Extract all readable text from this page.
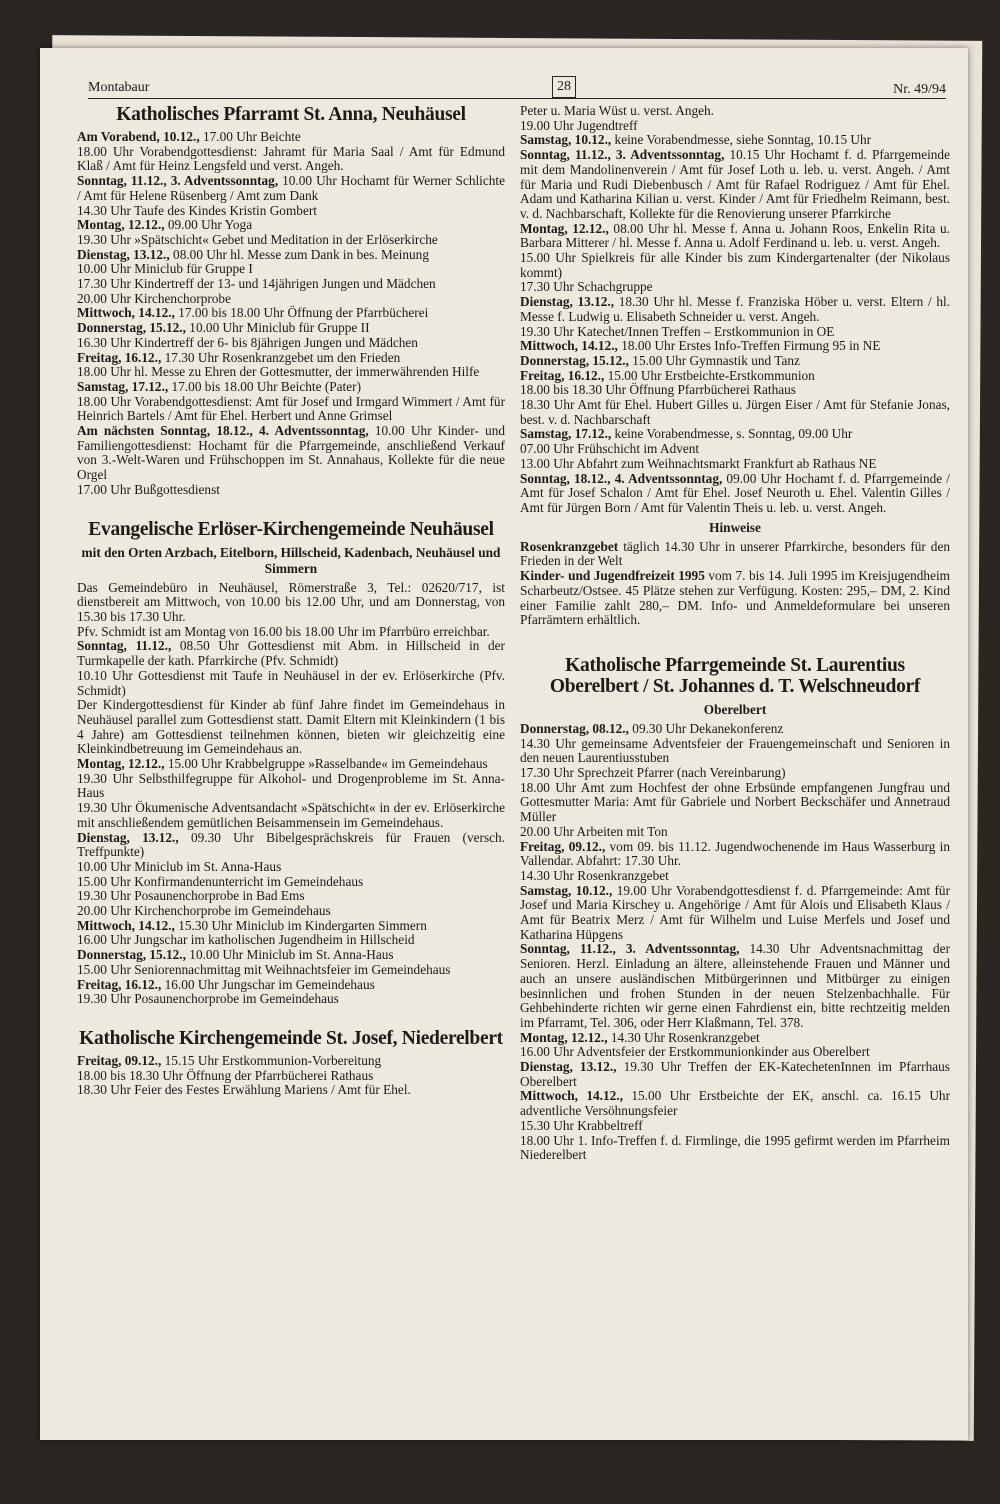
Montabaur	28	Nr. 49/94
Katholisches Pfarramt St. Anna, Neuhäusel

Am Vorabend, 10.12., 17.00 Uhr Beichte

18.00 Uhr Vorabendgottesdienst: Jahramt für Maria Saal / Amt für Edmund Klaß / Amt für Heinz Lengsfeld und verst. Angeh.

Sonntag, 11.12., 3. Adventssonntag, 10.00 Uhr Hochamt für Werner Schlichte / Amt für Helene Rüsenberg / Amt zum Dank

14.30 Uhr Taufe des Kindes Kristin Gombert

Montag, 12.12., 09.00 Uhr Yoga

19.30 Uhr »Spätschicht« Gebet und Meditation in der Erlöserkirche

Dienstag, 13.12., 08.00 Uhr hl. Messe zum Dank in bes. Meinung

10.00 Uhr Miniclub für Gruppe I

17.30 Uhr Kindertreff der 13- und 14jährigen Jungen und Mädchen

20.00 Uhr Kirchenchorprobe

Mittwoch, 14.12., 17.00 bis 18.00 Uhr Öffnung der Pfarrbücherei

Donnerstag, 15.12., 10.00 Uhr Miniclub für Gruppe II

16.30 Uhr Kindertreff der 6- bis 8jährigen Jungen und Mädchen

Freitag, 16.12., 17.30 Uhr Rosenkranzgebet um den Frieden

18.00 Uhr hl. Messe zu Ehren der Gottesmutter, der immerwährenden Hilfe

Samstag, 17.12., 17.00 bis 18.00 Uhr Beichte (Pater)

18.00 Uhr Vorabendgottesdienst: Amt für Josef und Irmgard Wimmert / Amt für Heinrich Bartels / Amt für Ehel. Herbert und Anne Grimsel

Am nächsten Sonntag, 18.12., 4. Adventssonntag, 10.00 Uhr Kinder- und Familiengottesdienst: Hochamt für die Pfarrgemeinde, anschließend Verkauf von 3.-Welt-Waren und Frühschoppen im St. Annahaus, Kollekte für die neue Orgel

17.00 Uhr Bußgottesdienst

Evangelische Erlöser-Kirchengemeinde Neuhäusel
mit den Orten Arzbach, Eitelborn, Hillscheid, Kadenbach, Neuhäusel und Simmern

Das Gemeindebüro in Neuhäusel, Römerstraße 3, Tel.: 02620/717, ist dienstbereit am Mittwoch, von 10.00 bis 12.00 Uhr, und am Donnerstag, von 15.30 bis 17.30 Uhr.

Pfv. Schmidt ist am Montag von 16.00 bis 18.00 Uhr im Pfarrbüro erreichbar.

Sonntag, 11.12., 08.50 Uhr Gottesdienst mit Abm. in Hillscheid in der Turmkapelle der kath. Pfarrkirche (Pfv. Schmidt)

10.10 Uhr Gottesdienst mit Taufe in Neuhäusel in der ev. Erlöserkirche (Pfv. Schmidt)

Der Kindergottesdienst für Kinder ab fünf Jahre findet im Gemeindehaus in Neuhäusel parallel zum Gottesdienst statt. Damit Eltern mit Kleinkindern (1 bis 4 Jahre) am Gottesdienst teilnehmen können, bieten wir gleichzeitig eine Kleinkindbetreuung im Gemeindehaus an.

Montag, 12.12., 15.00 Uhr Krabbelgruppe »Rasselbande« im Gemeindehaus

19.30 Uhr Selbsthilfegruppe für Alkohol- und Drogenprobleme im St. Anna-Haus

19.30 Uhr Ökumenische Adventsandacht »Spätschicht« in der ev. Erlöserkirche mit anschließendem gemütlichen Beisammensein im Gemeindehaus.

Dienstag, 13.12., 09.30 Uhr Bibelgesprächskreis für Frauen (versch. Treffpunkte)

10.00 Uhr Miniclub im St. Anna-Haus

15.00 Uhr Konfirmandenunterricht im Gemeindehaus

19.30 Uhr Posaunenchorprobe in Bad Ems

20.00 Uhr Kirchenchorprobe im Gemeindehaus

Mittwoch, 14.12., 15.30 Uhr Miniclub im Kindergarten Simmern

16.00 Uhr Jungschar im katholischen Jugendheim in Hillscheid

Donnerstag, 15.12., 10.00 Uhr Miniclub im St. Anna-Haus

15.00 Uhr Seniorennachmittag mit Weihnachtsfeier im Gemeindehaus

Freitag, 16.12., 16.00 Uhr Jungschar im Gemeindehaus

19.30 Uhr Posaunenchorprobe im Gemeindehaus

Katholische Kirchengemeinde St. Josef, Niederelbert

Freitag, 09.12., 15.15 Uhr Erstkommunion-Vorbereitung

18.00 bis 18.30 Uhr Öffnung der Pfarrbücherei Rathaus

18.30 Uhr Feier des Festes Erwählung Mariens / Amt für Ehel.

Peter u. Maria Wüst u. verst. Angeh.

19.00 Uhr Jugendtreff

Samstag, 10.12., keine Vorabendmesse, siehe Sonntag, 10.15 Uhr

Sonntag, 11.12., 3. Adventssonntag, 10.15 Uhr Hochamt f. d. Pfarrgemeinde mit dem Mandolinenverein / Amt für Josef Loth u. leb. u. verst. Angeh. / Amt für Maria und Rudi Diebenbusch / Amt für Rafael Rodriguez / Amt für Ehel. Adam und Katharina Kilian u. verst. Kinder / Amt für Friedhelm Reimann, best. v. d. Nachbarschaft, Kollekte für die Renovierung unserer Pfarrkirche

Montag, 12.12., 08.00 Uhr hl. Messe f. Anna u. Johann Roos, Enkelin Rita u. Barbara Mitterer / hl. Messe f. Anna u. Adolf Ferdinand u. leb. u. verst. Angeh.

15.00 Uhr Spielkreis für alle Kinder bis zum Kindergartenalter (der Nikolaus kommt)

17.30 Uhr Schachgruppe

Dienstag, 13.12., 18.30 Uhr hl. Messe f. Franziska Höber u. verst. Eltern / hl. Messe f. Ludwig u. Elisabeth Schneider u. verst. Angeh.

19.30 Uhr Katechet/Innen Treffen – Erstkommunion in OE

Mittwoch, 14.12., 18.00 Uhr Erstes Info-Treffen Firmung 95 in NE

Donnerstag, 15.12., 15.00 Uhr Gymnastik und Tanz

Freitag, 16.12., 15.00 Uhr Erstbeichte-Erstkommunion

18.00 bis 18.30 Uhr Öffnung Pfarrbücherei Rathaus

18.30 Uhr Amt für Ehel. Hubert Gilles u. Jürgen Eiser / Amt für Stefanie Jonas, best. v. d. Nachbarschaft

Samstag, 17.12., keine Vorabendmesse, s. Sonntag, 09.00 Uhr

07.00 Uhr Frühschicht im Advent

13.00 Uhr Abfahrt zum Weihnachtsmarkt Frankfurt ab Rathaus NE

Sonntag, 18.12., 4. Adventssonntag, 09.00 Uhr Hochamt f. d. Pfarrgemeinde / Amt für Josef Schalon / Amt für Ehel. Josef Neuroth u. Ehel. Valentin Gilles / Amt für Jürgen Born / Amt für Valentin Theis u. leb. u. verst. Angeh.

Hinweise

Rosenkranzgebet täglich 14.30 Uhr in unserer Pfarrkirche, besonders für den Frieden in der Welt

Kinder- und Jugendfreizeit 1995 vom 7. bis 14. Juli 1995 im Kreisjugendheim Scharbeutz/Ostsee. 45 Plätze stehen zur Verfügung. Kosten: 295,– DM, 2. Kind einer Familie zahlt 280,– DM. Info- und Anmeldeformulare bei unseren Pfarrämtern erhältlich.

Katholische Pfarrgemeinde St. Laurentius Oberelbert / St. Johannes d. T. Welschneudorf
Oberelbert

Donnerstag, 08.12., 09.30 Uhr Dekanekonferenz

14.30 Uhr gemeinsame Adventsfeier der Frauengemeinschaft und Senioren in den neuen Laurentiusstuben

17.30 Uhr Sprechzeit Pfarrer (nach Vereinbarung)

18.00 Uhr Amt zum Hochfest der ohne Erbsünde empfangenen Jungfrau und Gottesmutter Maria: Amt für Gabriele und Norbert Beckschäfer und Annetraud Müller

20.00 Uhr Arbeiten mit Ton

Freitag, 09.12., vom 09. bis 11.12. Jugendwochenende im Haus Wasserburg in Vallendar. Abfahrt: 17.30 Uhr.

14.30 Uhr Rosenkranzgebet

Samstag, 10.12., 19.00 Uhr Vorabendgottesdienst f. d. Pfarrgemeinde: Amt für Josef und Maria Kirschey u. Angehörige / Amt für Alois und Elisabeth Klaus / Amt für Beatrix Merz / Amt für Wilhelm und Luise Merfels und Josef und Katharina Hüpgens

Sonntag, 11.12., 3. Adventssonntag, 14.30 Uhr Adventsnachmittag der Senioren. Herzl. Einladung an ältere, alleinstehende Frauen und Männer und auch an unsere ausländischen Mitbürgerinnen und Mitbürger zu einigen besinnlichen und frohen Stunden in der neuen Stelzenbachhalle. Für Gehbehinderte richten wir gerne einen Fahrdienst ein, bitte rechtzeitig melden im Pfarramt, Tel. 306, oder Herr Klaßmann, Tel. 378.

Montag, 12.12., 14.30 Uhr Rosenkranzgebet

16.00 Uhr Adventsfeier der Erstkommunionkinder aus Oberelbert

Dienstag, 13.12., 19.30 Uhr Treffen der EK-KatechetenInnen im Pfarrhaus Oberelbert

Mittwoch, 14.12., 15.00 Uhr Erstbeichte der EK, anschl. ca. 16.15 Uhr adventliche Versöhnungsfeier

15.30 Uhr Krabbeltreff

18.00 Uhr 1. Info-Treffen f. d. Firmlinge, die 1995 gefirmt werden im Pfarrheim Niederelbert
